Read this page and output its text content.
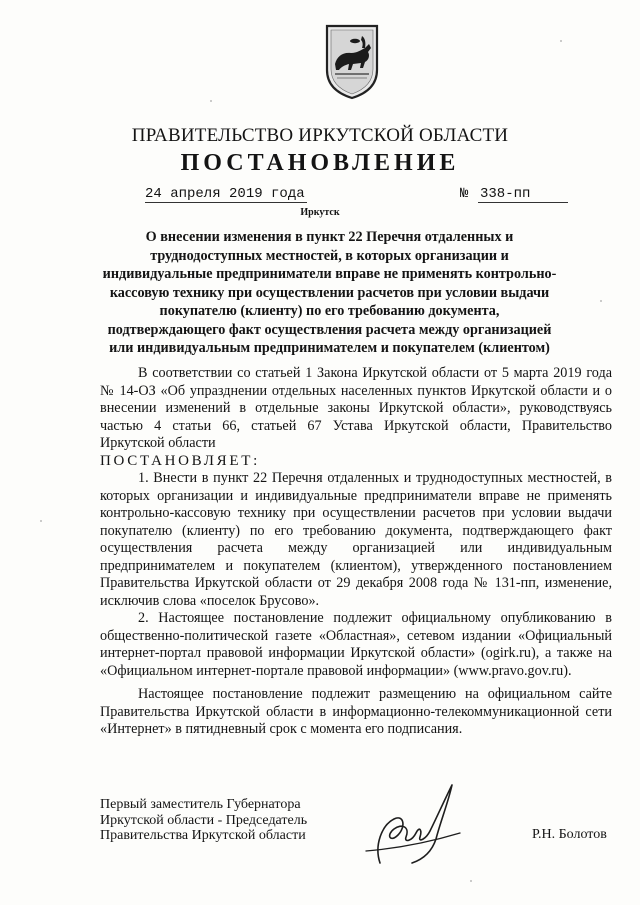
ПРАВИТЕЛЬСТВО ИРКУТСКОЙ ОБЛАСТИ
ПОСТАНОВЛЕНИЕ
24 апреля 2019 года	№ 338-пп
Иркутск
О внесении изменения в пункт 22 Перечня отдаленных и труднодоступных местностей, в которых организации и индивидуальные предприниматели вправе не применять контрольно-кассовую технику при осуществлении расчетов при условии выдачи покупателю (клиенту) по его требованию документа, подтверждающего факт осуществления расчета между организацией или индивидуальным предпринимателем и покупателем (клиентом)

В соответствии со статьей 1 Закона Иркутской области от 5 марта 2019 года № 14-ОЗ «Об упразднении отдельных населенных пунктов Иркутской области и о внесении изменений в отдельные законы Иркутской области», руководствуясь частью 4 статьи 66, статьей 67 Устава Иркутской области, Правительство Иркутской области

ПОСТАНОВЛЯЕТ:

1. Внести в пункт 22 Перечня отдаленных и труднодоступных местностей, в которых организации и индивидуальные предприниматели вправе не применять контрольно-кассовую технику при осуществлении расчетов при условии выдачи покупателю (клиенту) по его требованию документа, подтверждающего факт осуществления расчета между организацией или индивидуальным предпринимателем и покупателем (клиентом), утвержденного постановлением Правительства Иркутской области от 29 декабря 2008 года № 131-пп, изменение, исключив слова «поселок Брусово».

2. Настоящее постановление подлежит официальному опубликованию в общественно-политической газете «Областная», сетевом издании «Официальный интернет-портал правовой информации Иркутской области» (ogirk.ru), а также на «Официальном интернет-портале правовой информации» (www.pravo.gov.ru).

Настоящее постановление подлежит размещению на официальном сайте Правительства Иркутской области в информационно-телекоммуникационной сети «Интернет» в пятидневный срок с момента его подписания.

Первый заместитель Губернатора
Иркутской области - Председатель
Правительства Иркутской области	Р.Н. Болотов
